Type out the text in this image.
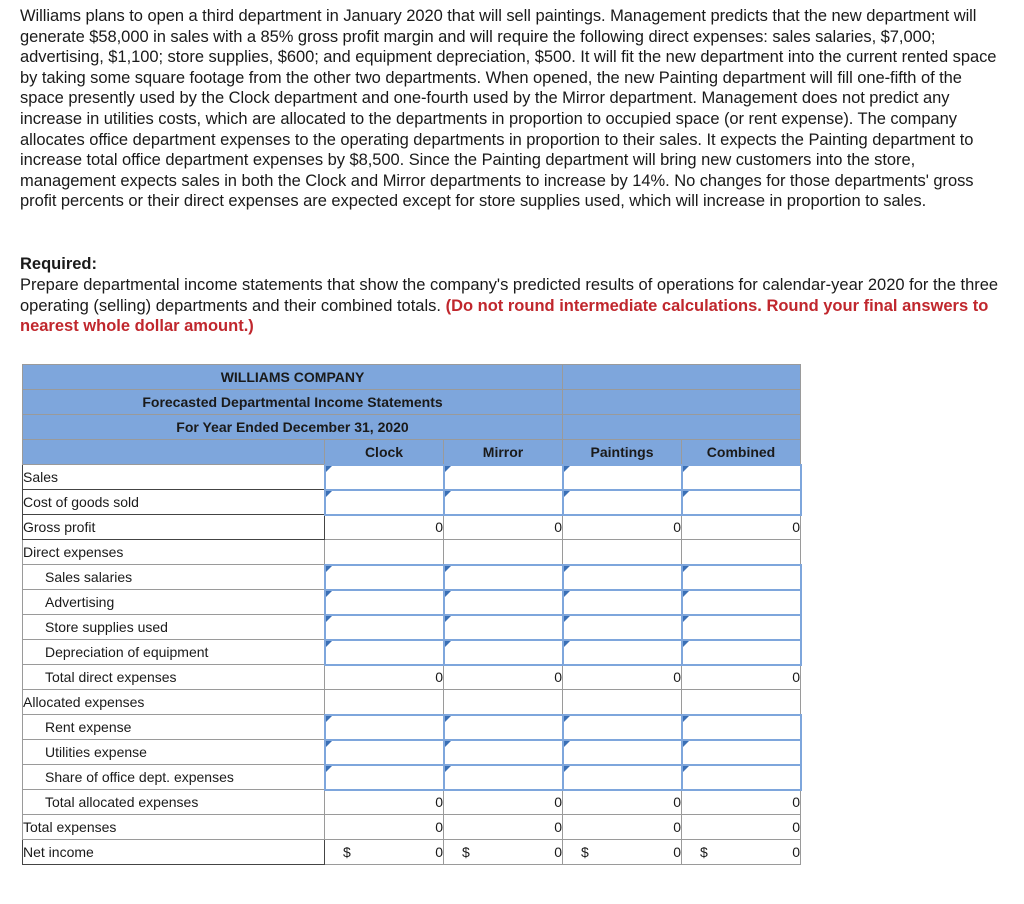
Williams plans to open a third department in January 2020 that will sell paintings. Management predicts that the new department will generate $58,000 in sales with a 85% gross profit margin and will require the following direct expenses: sales salaries, $7,000; advertising, $1,100; store supplies, $600; and equipment depreciation, $500. It will fit the new department into the current rented space by taking some square footage from the other two departments. When opened, the new Painting department will fill one-fifth of the space presently used by the Clock department and one-fourth used by the Mirror department. Management does not predict any increase in utilities costs, which are allocated to the departments in proportion to occupied space (or rent expense). The company allocates office department expenses to the operating departments in proportion to their sales. It expects the Painting department to increase total office department expenses by $8,500. Since the Painting department will bring new customers into the store, management expects sales in both the Clock and Mirror departments to increase by 14%. No changes for those departments' gross profit percents or their direct expenses are expected except for store supplies used, which will increase in proportion to sales.

Required:
Prepare departmental income statements that show the company's predicted results of operations for calendar-year 2020 for the three operating (selling) departments and their combined totals. (Do not round intermediate calculations. Round your final answers to nearest whole dollar amount.)
WILLIAMS COMPANY				
Forecasted Departmental Income Statements				
For Year Ended December 31, 2020				
	Clock	Mirror	Paintings	Combined
Sales				
Cost of goods sold				
Gross profit	0	0	0	0
Direct expenses				
Sales salaries				
Advertising				
Store supplies used				
Depreciation of equipment				
Total direct expenses	0	0	0	0
Allocated expenses				
Rent expense				
Utilities expense				
Share of office dept. expenses				
Total allocated expenses	0	0	0	0
Total expenses	0	0	0	0
Net income	$ 0	$ 0	$ 0	$ 0
